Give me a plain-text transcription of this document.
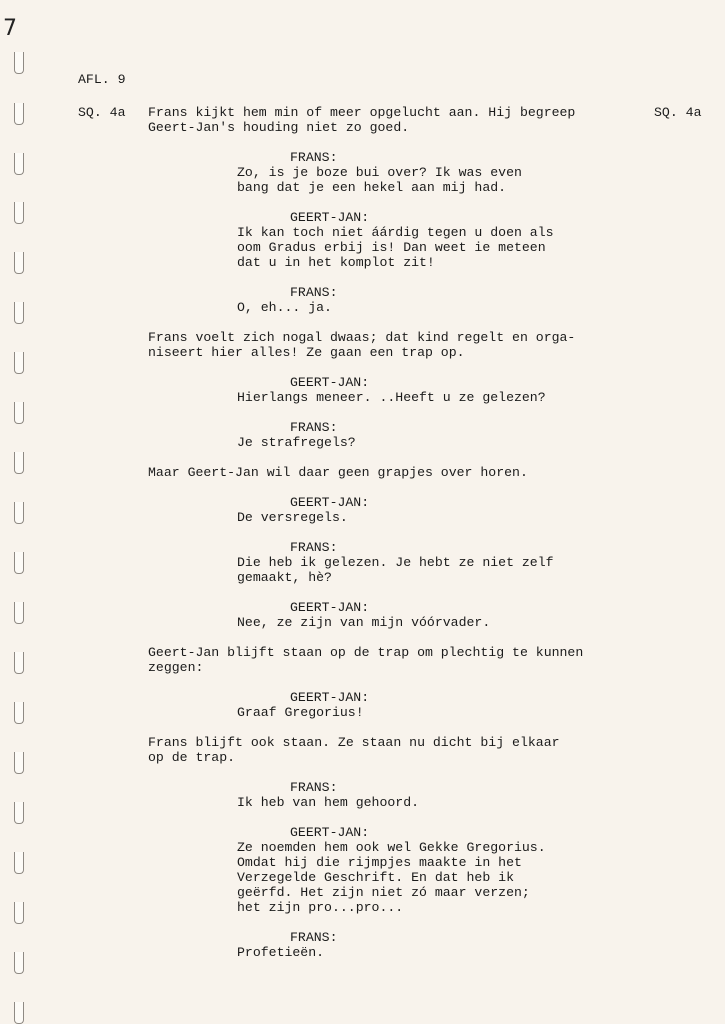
7
AFL. 9
SQ. 4a	SQ. 4a
Frans kijkt hem min of meer opgelucht aan. Hij begreep
Geert-Jan's houding niet zo goed.
FRANS:
Zo, is je boze bui over? Ik was even
bang dat je een hekel aan mij had.
GEERT-JAN:
Ik kan toch niet áárdig tegen u doen als
oom Gradus erbij is! Dan weet ie meteen
dat u in het komplot zit!
FRANS:
O, eh... ja.
Frans voelt zich nogal dwaas; dat kind regelt en orga-
niseert hier alles! Ze gaan een trap op.
GEERT-JAN:
Hierlangs meneer. ..Heeft u ze gelezen?
FRANS:
Je strafregels?
Maar Geert-Jan wil daar geen grapjes over horen.
GEERT-JAN:
De versregels.
FRANS:
Die heb ik gelezen. Je hebt ze niet zelf
gemaakt, hè?
GEERT-JAN:
Nee, ze zijn van mijn vóórvader.
Geert-Jan blijft staan op de trap om plechtig te kunnen
zeggen:
GEERT-JAN:
Graaf Gregorius!
Frans blijft ook staan. Ze staan nu dicht bij elkaar
op de trap.
FRANS:
Ik heb van hem gehoord.
GEERT-JAN:
Ze noemden hem ook wel Gekke Gregorius.
Omdat hij die rijmpjes maakte in het
Verzegelde Geschrift. En dat heb ik
geërfd. Het zijn niet zó maar verzen;
het zijn pro...pro...
FRANS:
Profetieën.
